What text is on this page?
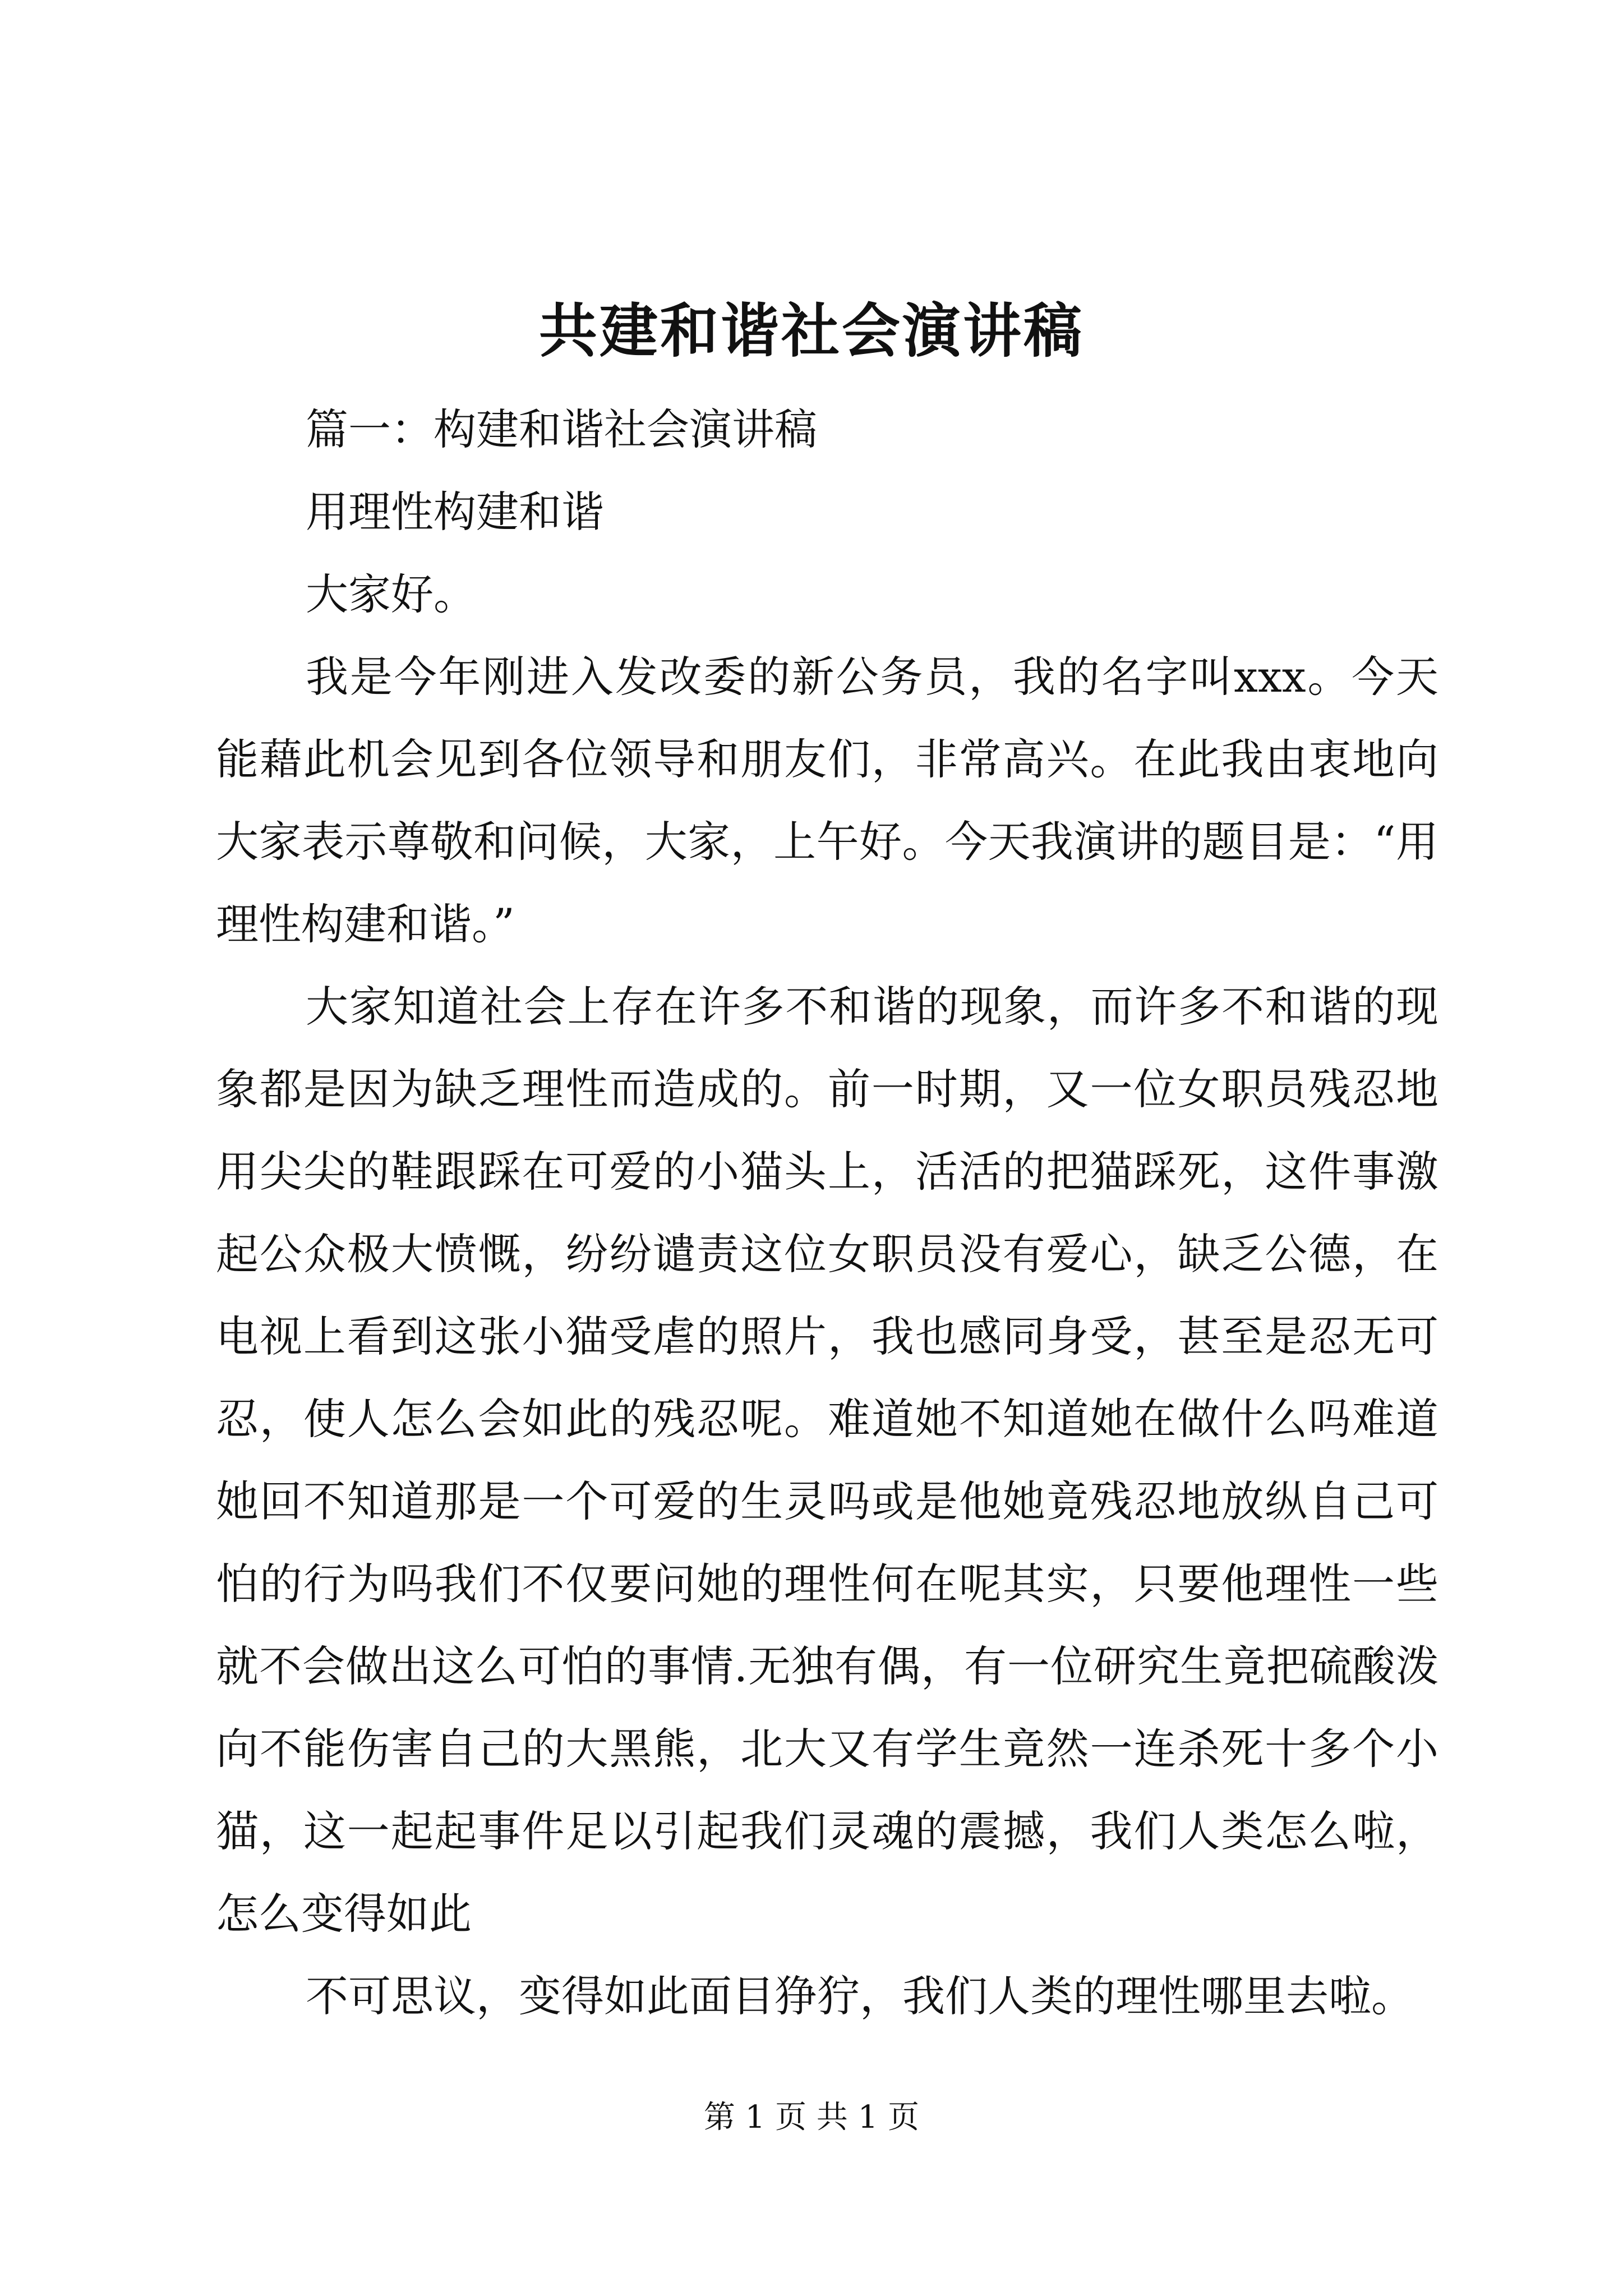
共建和谐社会演讲稿

篇一：构建和谐社会演讲稿

用理性构建和谐

大家好。

我是今年刚进入发改委的新公务员，我的名字叫xxx。今天能藉此机会见到各位领导和朋友们，非常高兴。在此我由衷地向大家表示尊敬和问候，大家，上午好。今天我演讲的题目是：“用理性构建和谐。”

大家知道社会上存在许多不和谐的现象，而许多不和谐的现象都是因为缺乏理性而造成的。前一时期，又一位女职员残忍地用尖尖的鞋跟踩在可爱的小猫头上，活活的把猫踩死，这件事激起公众极大愤慨，纷纷谴责这位女职员没有爱心，缺乏公德，在电视上看到这张小猫受虐的照片，我也感同身受，甚至是忍无可忍，使人怎么会如此的残忍呢。难道她不知道她在做什么吗难道她回不知道那是一个可爱的生灵吗或是他她竟残忍地放纵自己可怕的行为吗我们不仅要问她的理性何在呢其实，只要他理性一些就不会做出这么可怕的事情.无独有偶，有一位研究生竟把硫酸泼向不能伤害自己的大黑熊，北大又有学生竟然一连杀死十多个小猫，这一起起事件足以引起我们灵魂的震撼，我们人类怎么啦，怎么变得如此

不可思议，变得如此面目狰狞，我们人类的理性哪里去啦。

第 1 页 共 1 页
